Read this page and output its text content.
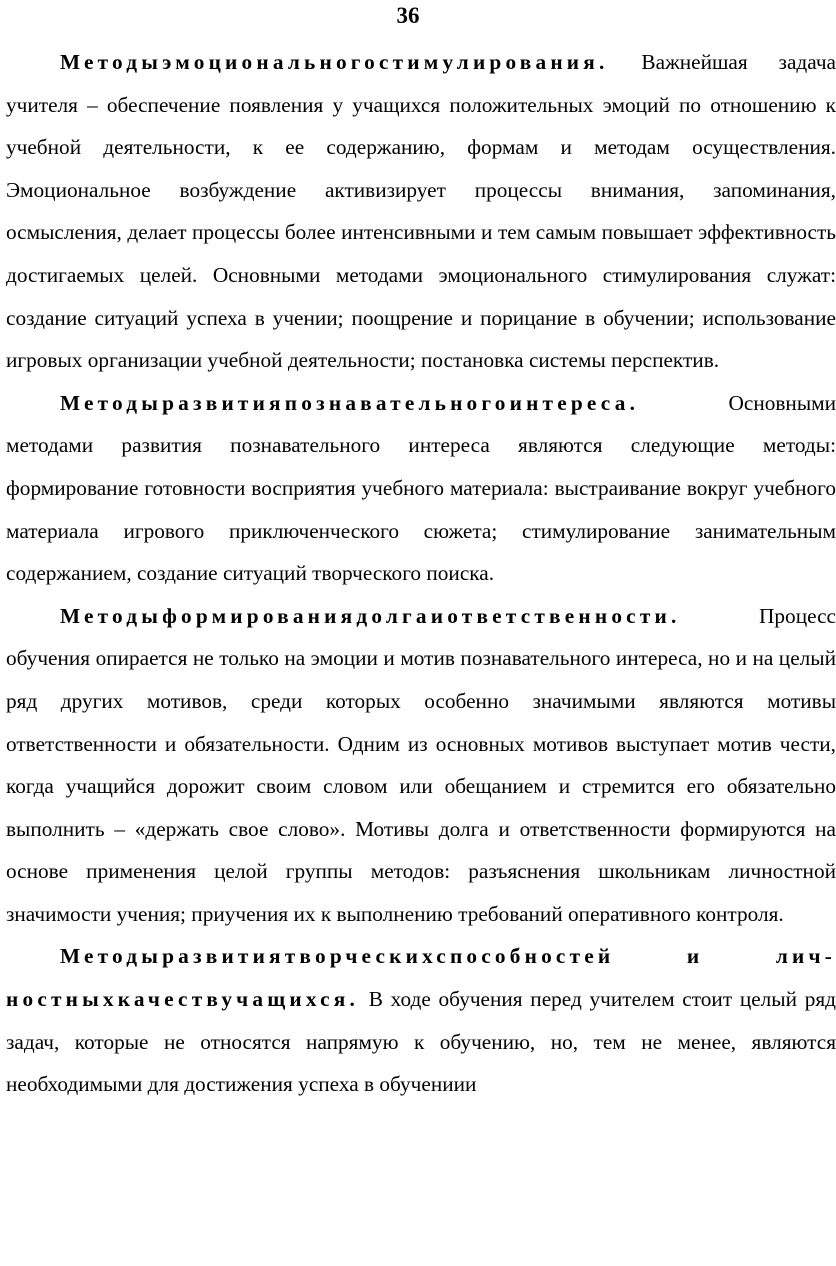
36

Методыэмоциональногостимулирования. Важнейшая задача учителя – обеспечение появления у учащихся положительных эмоций по отношению к учебной деятельности, к ее содержанию, формам и методам осуществления. Эмоциональное возбуждение активизирует процессы внимания, запоминания, осмысления, делает процессы более интенсивными и тем самым повышает эффективность достигаемых целей. Основными методами эмоционального стимулирования служат: создание ситуаций успеха в учении; поощрение и порицание в обучении; использование игровых организации учебной деятельности; постановка системы перспектив.

Методыразвитияпознавательногоинтереса.	Основными методами развития познавательного интереса являются следующие методы: формирование готовности восприятия учебного материала: выстраивание вокруг учебного материала игрового приключенческого сюжета; стимулирование занимательным содержанием, создание ситуаций творческого поиска.

Методыформированиядолгаиответственности.	Процесс обучения опирается не только на эмоции и мотив познавательного интереса, но и на целый ряд других мотивов, среди которых особенно значимыми являются мотивы ответственности и обязательности. Одним из основных мотивов выступает мотив чести, когда учащийся дорожит своим словом или обещанием и стремится его обязательно выполнить – «держать свое слово». Мотивы долга и ответственности формируются на основе применения целой группы методов: разъяснения школьникам личностной значимости учения; приучения их к выполнению требований оперативного контроля.

Методыразвитиятворческихспособностей и лич-ностныхкачествучащихся. В ходе обучения перед учителем стоит целый ряд задач, которые не относятся напрямую к обучению, но, тем не менее, являются необходимыми для достижения успеха в обучениии
